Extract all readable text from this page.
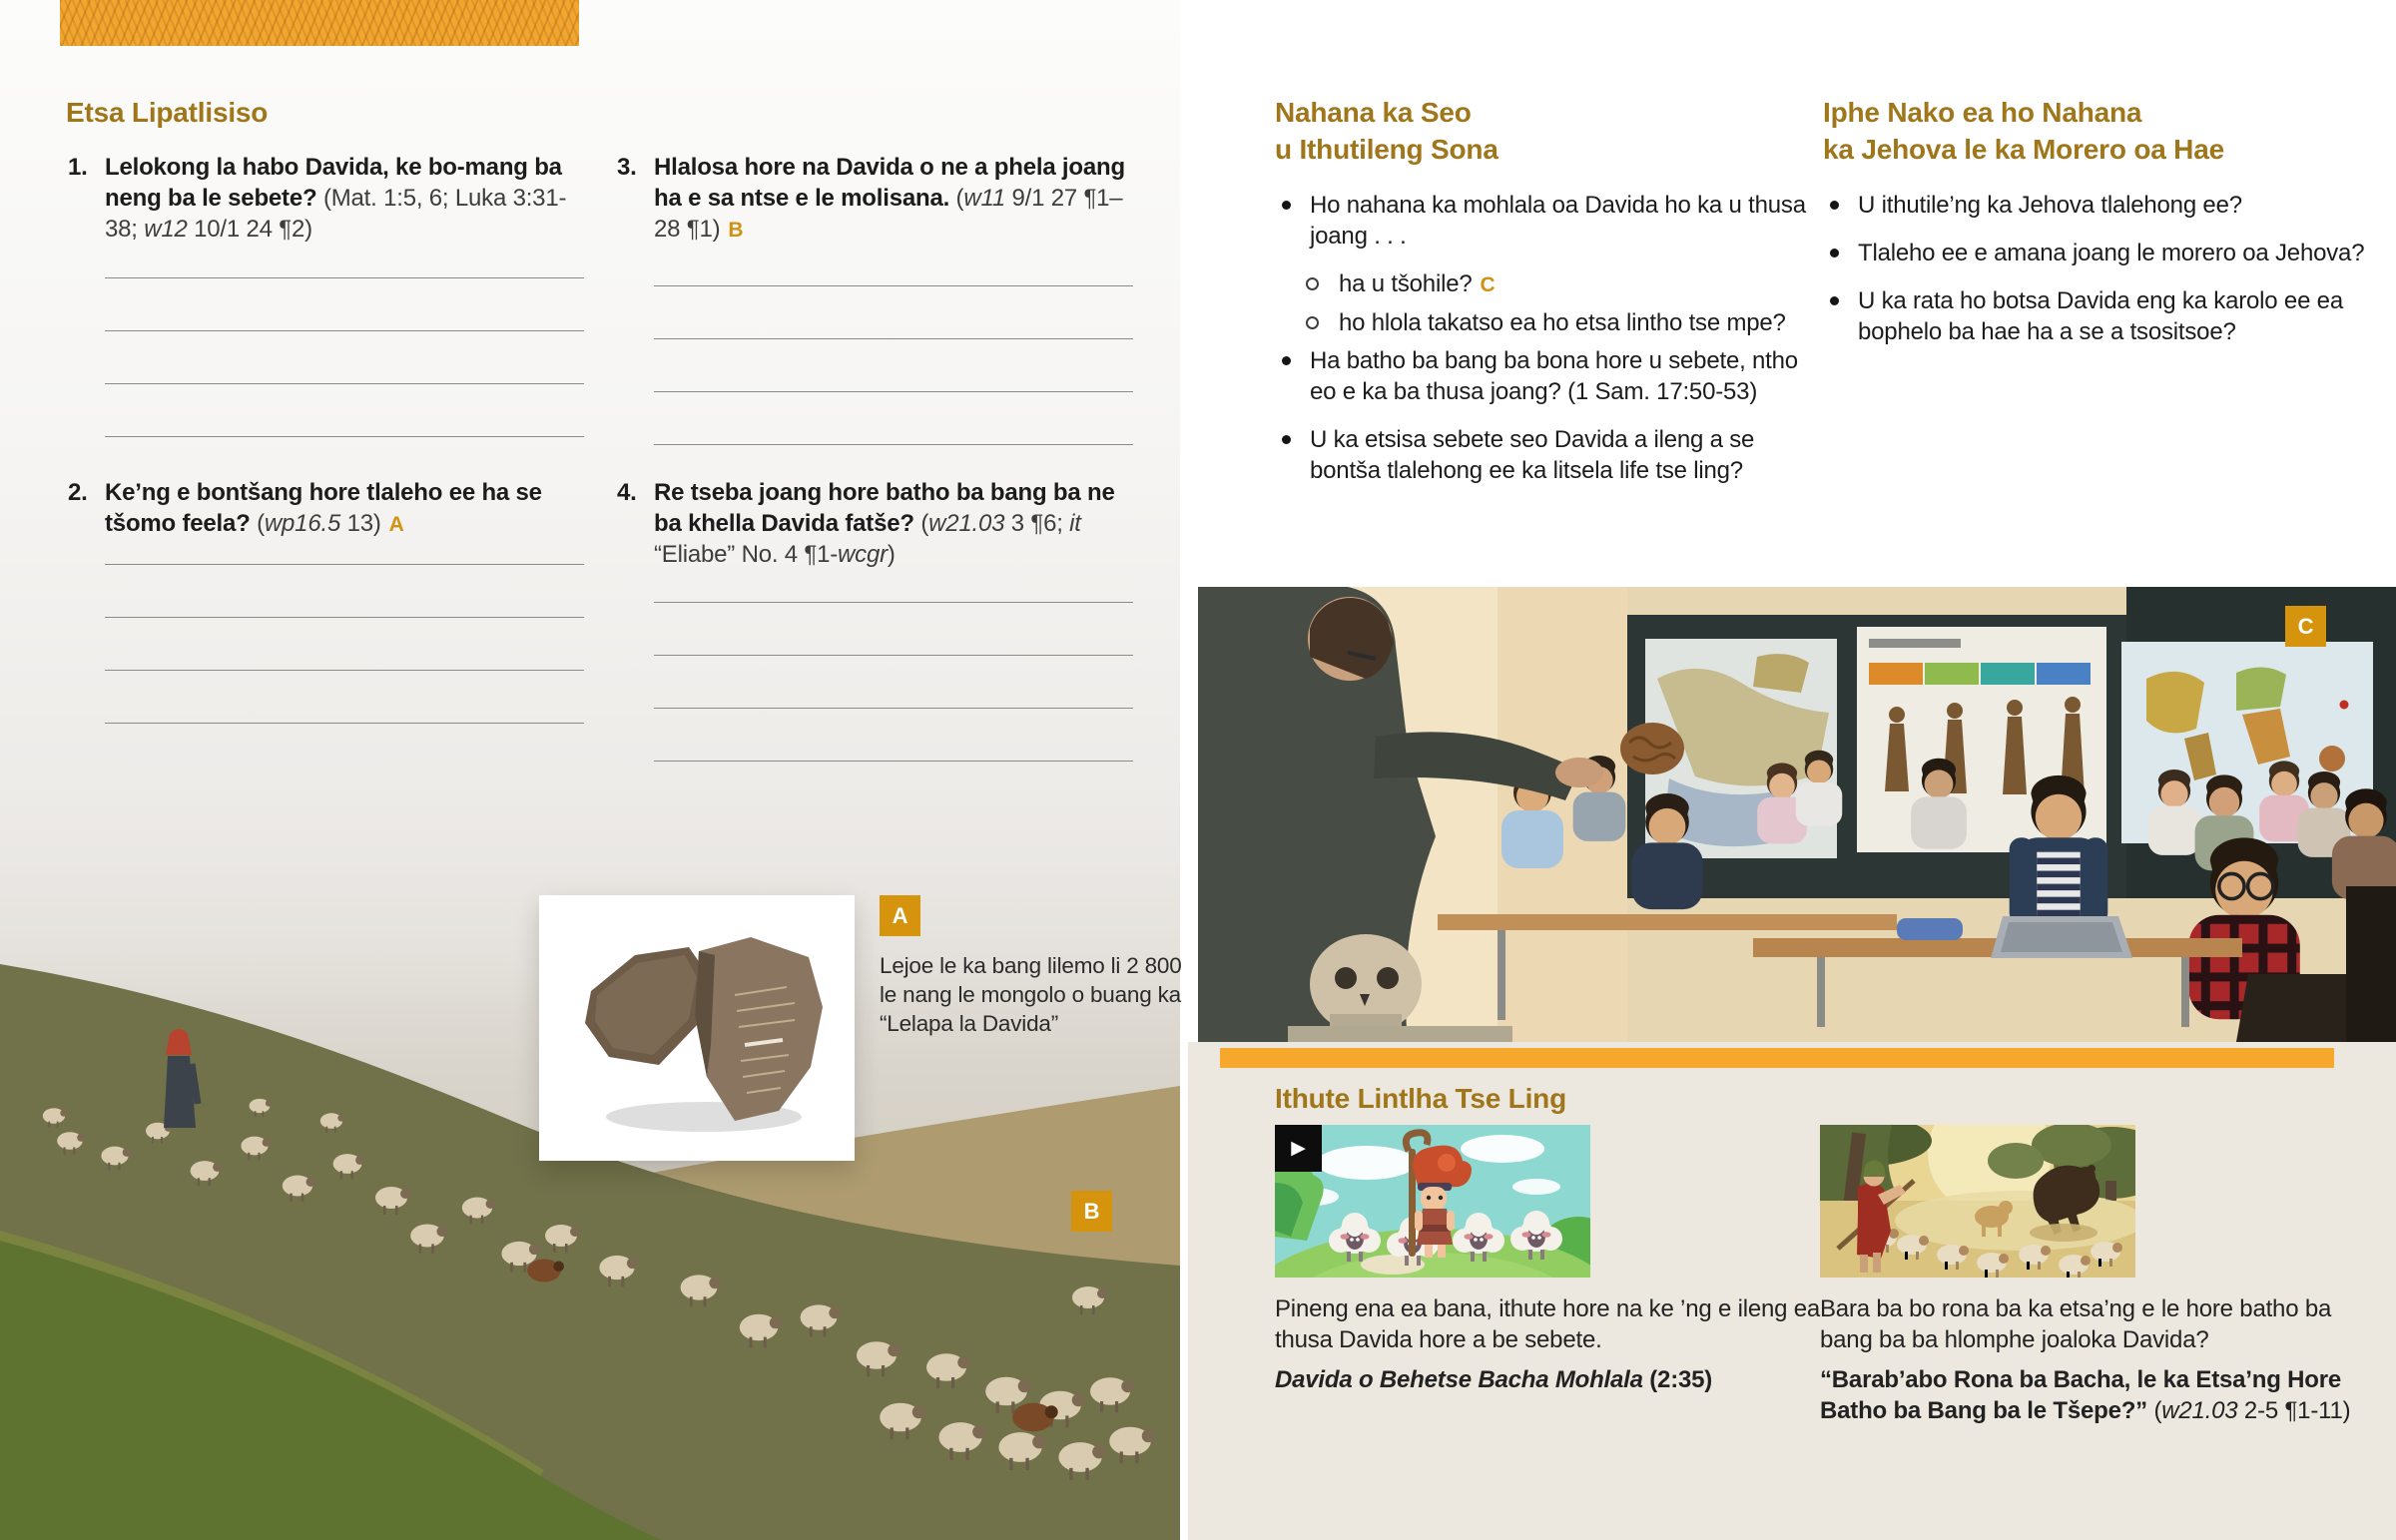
Etsa Lipatlisiso
1. Lelokong la habo Davida, ke bo-mang ba neng ba le sebete? (Mat. 1:5, 6; Luka 3:31-38; w12 10/1 24 ¶2)
2. Ke’ng e bontšang hore tlaleho ee ha se tšomo feela? (wp16.5 13) A
3. Hlalosa hore na Davida o ne a phela joang ha e sa ntse e le molisana. (w11 9/1 27 ¶1–28 ¶1) B
4. Re tseba joang hore batho ba bang ba ne ba khella Davida fatše? (w21.03 3 ¶6; it “Eliabe” No. 4 ¶1-wcgr)
Nahana ka Seo
u Ithutileng Sona
Ho nahana ka mohlala oa Davida ho ka u thusa joang . . .
ha u tšohile? C
ho hlola takatso ea ho etsa lintho tse mpe?
Ha batho ba bang ba bona hore u sebete, ntho eo e ka ba thusa joang? (1 Sam. 17:50-53)
U ka etsisa sebete seo Davida a ileng a se bontša tlalehong ee ka litsela life tse ling?
Iphe Nako ea ho Nahana
ka Jehova le ka Morero oa Hae
U ithutile’ng ka Jehova tlalehong ee?
Tlaleho ee e amana joang le morero oa Jehova?
U ka rata ho botsa Davida eng ka karolo ee ea bophelo ba hae ha a se a tsositsoe?
C
B
A
Lejoe le ka bang lilemo li 2 800 le nang le mongolo o buang ka “Lelapa la Davida”
Ithute Lintlha Tse Ling
▶
Pineng ena ea bana, ithute hore na ke ’ng e ileng ea thusa Davida hore a be sebete.
Davida o Behetse Bacha Mohlala (2:35)
Bara ba bo rona ba ka etsa’ng e le hore batho ba bang ba ba hlomphe joaloka Davida?
“Barab’abo Rona ba Bacha, le ka Etsa’ng Hore Batho ba Bang ba le Tšepe?” (w21.03 2-5 ¶1-11)
